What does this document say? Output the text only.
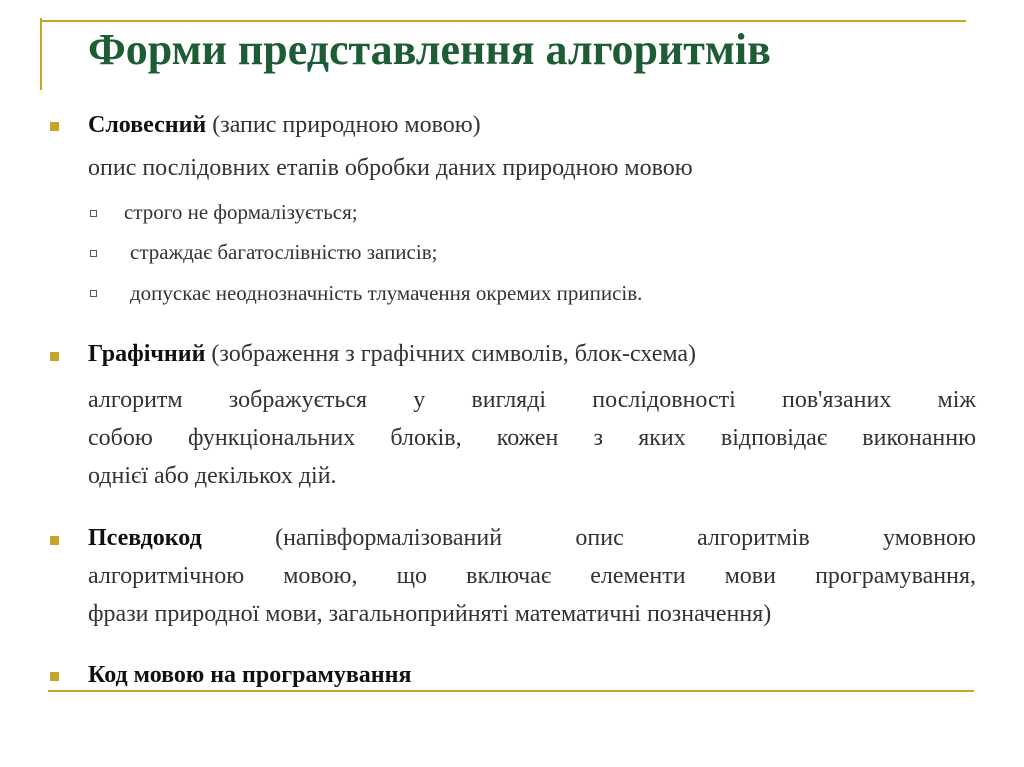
Форми представлення алгоритмів
Словесний (запис природною мовою)
опис послідовних етапів обробки даних природною мовою
строго не формалізується;
страждає багатослівністю записів;
допускає неоднозначність тлумачення окремих приписів.
Графічний (зображення з графічних символів, блок-схема)
алгоритм зображується у вигляді послідовності пов'язаних між
собою функціональних блоків, кожен з яких відповідає виконанню
однієї або декількох дій.
Псевдокод	(напівформалізований опис алгоритмів умовною
алгоритмічною мовою, що включає елементи мови програмування,
фрази природної мови, загальноприйняті математичні позначення)
Код мовою на програмування
